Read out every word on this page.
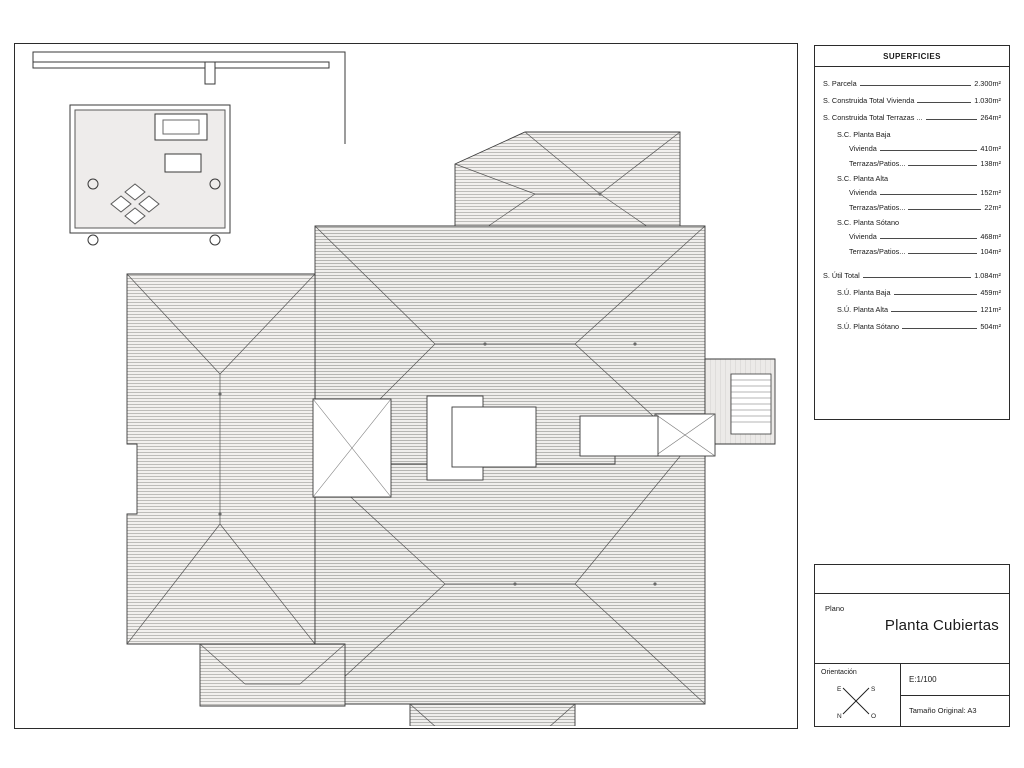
SUPERFICIES
S. Parcela	2.300m²
S. Construida Total Vivienda	1.030m²
S. Construida Total Terrazas ...	264m²
S.C. Planta Baja
Vivienda	410m²
Terrazas/Patios...	138m²
S.C. Planta Alta
Vivienda	152m²
Terrazas/Patios...	22m²
S.C. Planta Sótano
Vivienda	468m²
Terrazas/Patios...	104m²
S. Útil Total	1.084m²
S.Ú. Planta Baja	459m²
S.Ú. Planta Alta	121m²
S.Ú. Planta Sótano	504m²
Plano
Planta Cubiertas
Orientación
E	S
N	O
E:1/100
Tamaño Original: A3
